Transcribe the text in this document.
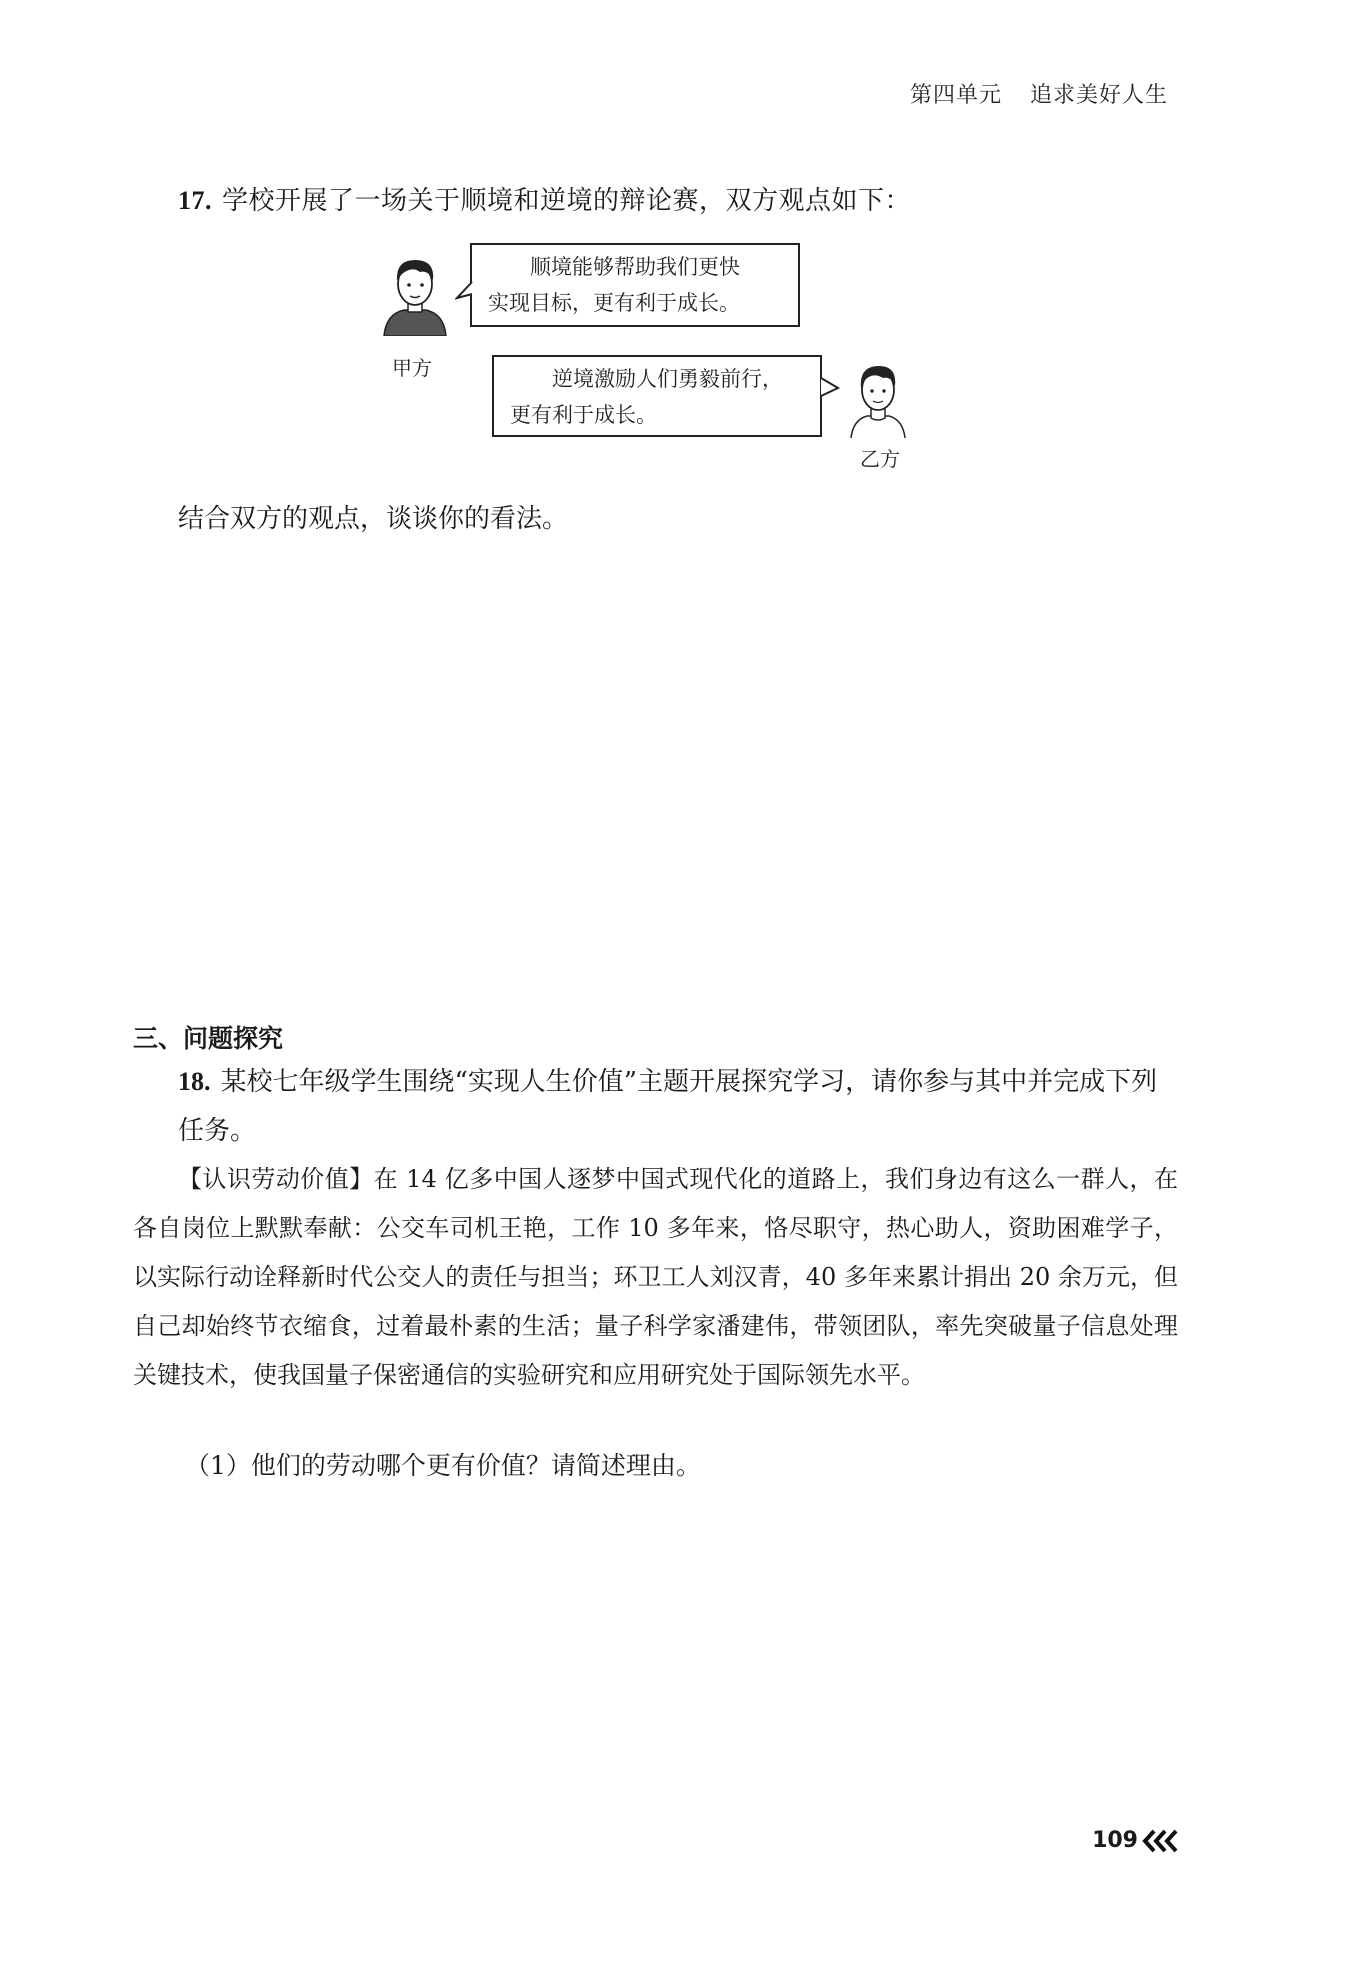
第四单元 追求美好人生
17. 学校开展了一场关于顺境和逆境的辩论赛，双方观点如下：
顺境能够帮助我们更快
实现目标，更有利于成长。
甲方	逆境激励人们勇毅前行，
更有利于成长。
乙方
结合双方的观点，谈谈你的看法。
三、问题探究
18. 某校七年级学生围绕“实现人生价值”主题开展探究学习，请你参与其中并完成下列任务。
【认识劳动价值】在 14 亿多中国人逐梦中国式现代化的道路上，我们身边有这么一群人，在各自岗位上默默奉献：公交车司机王艳，工作 10 多年来，恪尽职守，热心助人，资助困难学子，以实际行动诠释新时代公交人的责任与担当；环卫工人刘汉青，40 多年来累计捐出 20 余万元，但自己却始终节衣缩食，过着最朴素的生活；量子科学家潘建伟，带领团队，率先突破量子信息处理关键技术，使我国量子保密通信的实验研究和应用研究处于国际领先水平。
（1）他们的劳动哪个更有价值？请简述理由。
109
